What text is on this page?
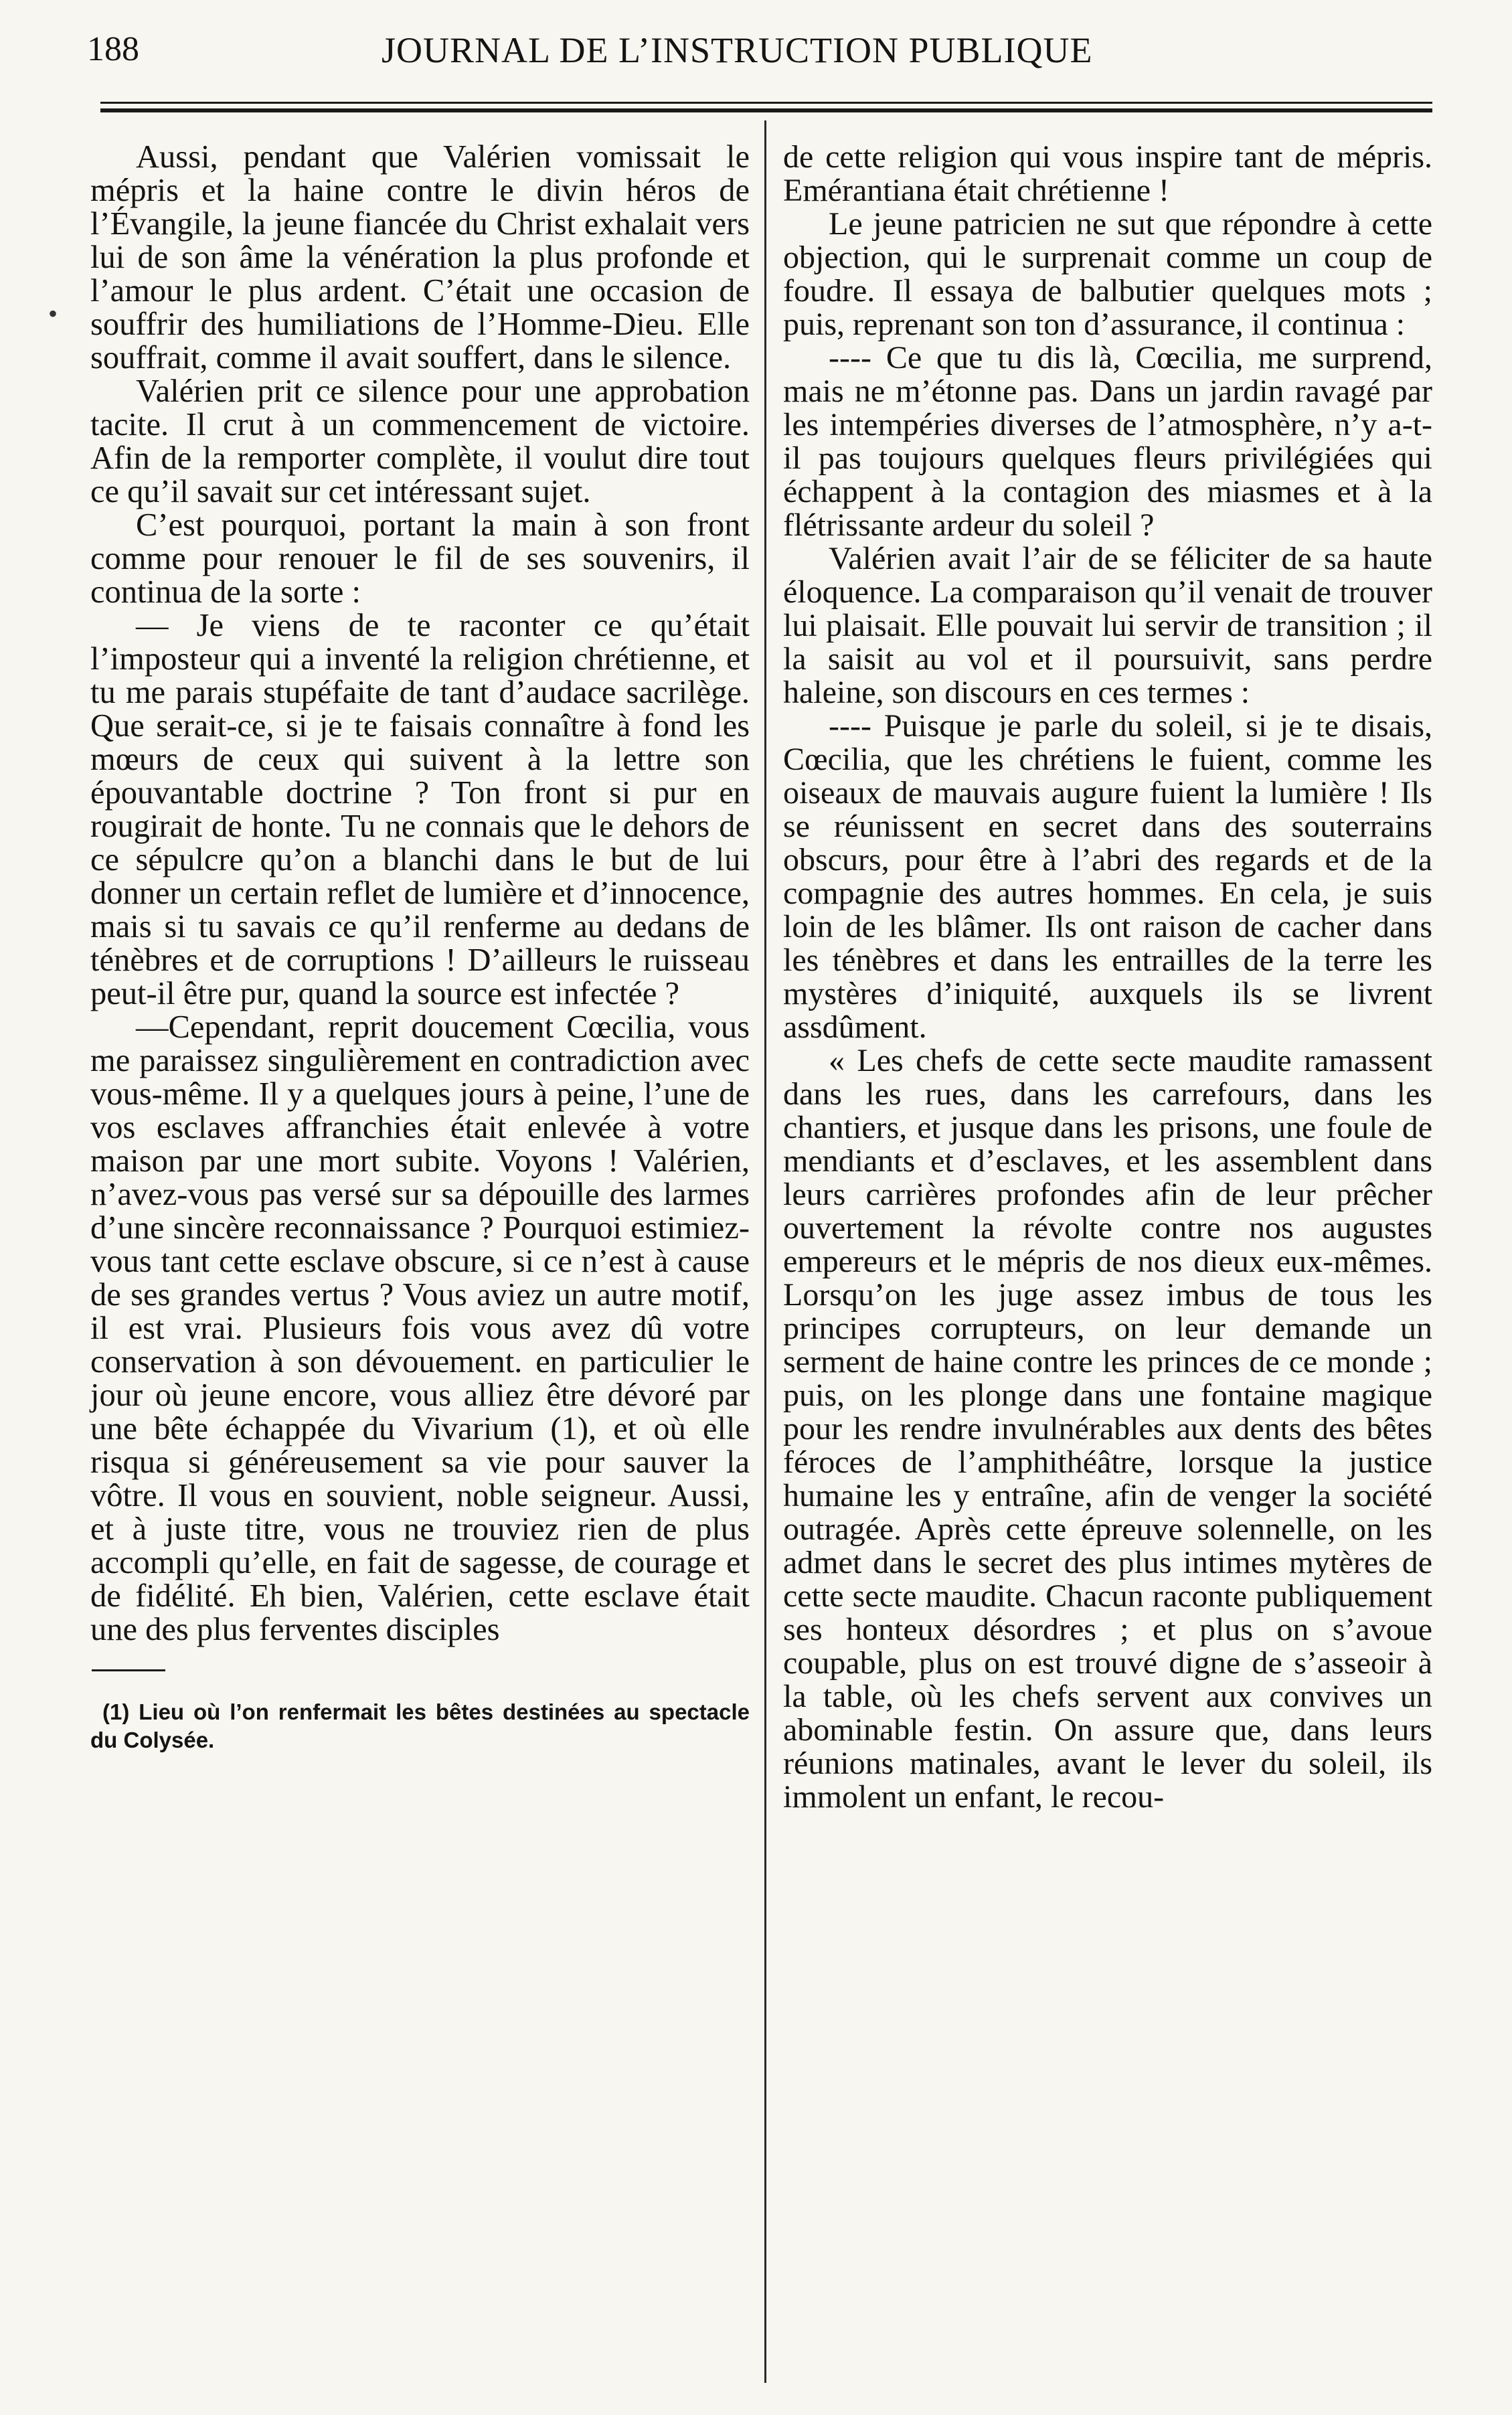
188	JOURNAL DE L’INSTRUCTION PUBLIQUE
•

Aussi, pendant que Valérien vomissait le mépris et la haine contre le divin héros de l’Évangile, la jeune fiancée du Christ exhalait vers lui de son âme la vénération la plus profonde et l’amour le plus ardent. C’était une occasion de souffrir des humiliations de l’Homme-Dieu. Elle souffrait, comme il avait souffert, dans le silence.

Valérien prit ce silence pour une approbation tacite. Il crut à un commencement de victoire. Afin de la remporter complète, il voulut dire tout ce qu’il savait sur cet intéressant sujet.

C’est pourquoi, portant la main à son front comme pour renouer le fil de ses souvenirs, il continua de la sorte :

— Je viens de te raconter ce qu’était l’imposteur qui a inventé la religion chrétienne, et tu me parais stupéfaite de tant d’audace sacrilège. Que serait-ce, si je te faisais connaître à fond les mœurs de ceux qui suivent à la lettre son épouvantable doctrine ? Ton front si pur en rougirait de honte. Tu ne connais que le dehors de ce sépulcre qu’on a blanchi dans le but de lui donner un certain reflet de lumière et d’innocence, mais si tu savais ce qu’il renferme au dedans de ténèbres et de corruptions ! D’ailleurs le ruisseau peut-il être pur, quand la source est infectée ?

—Cependant, reprit doucement Cœcilia, vous me paraissez singulièrement en contradiction avec vous-même. Il y a quelques jours à peine, l’une de vos esclaves affranchies était enlevée à votre maison par une mort subite. Voyons ! Valérien, n’avez-vous pas versé sur sa dépouille des larmes d’une sincère reconnaissance ? Pourquoi estimiez-vous tant cette esclave obscure, si ce n’est à cause de ses grandes vertus ? Vous aviez un autre motif, il est vrai. Plusieurs fois vous avez dû votre conservation à son dévouement. en particulier le jour où jeune encore, vous alliez être dévoré par une bête échappée du Vivarium (1), et où elle risqua si généreusement sa vie pour sauver la vôtre. Il vous en souvient, noble seigneur. Aussi, et à juste titre, vous ne trouviez rien de plus accompli qu’elle, en fait de sagesse, de courage et de fidélité. Eh bien, Valérien, cette esclave était une des plus ferventes disciples

(1) Lieu où l’on renfermait les bêtes destinées au spectacle du Colysée.

de cette religion qui vous inspire tant de mépris. Emérantiana était chrétienne !

Le jeune patricien ne sut que répondre à cette objection, qui le surprenait comme un coup de foudre. Il essaya de balbutier quelques mots ; puis, reprenant son ton d’assurance, il continua :

---- Ce que tu dis là, Cœcilia, me surprend, mais ne m’étonne pas. Dans un jardin ravagé par les intempéries diverses de l’atmosphère, n’y a-t-il pas toujours quelques fleurs privilégiées qui échappent à la contagion des miasmes et à la flétrissante ardeur du soleil ?

Valérien avait l’air de se féliciter de sa haute éloquence. La comparaison qu’il venait de trouver lui plaisait. Elle pouvait lui servir de transition ; il la saisit au vol et il poursuivit, sans perdre haleine, son discours en ces termes :

---- Puisque je parle du soleil, si je te disais, Cœcilia, que les chrétiens le fuient, comme les oiseaux de mauvais augure fuient la lumière ! Ils se réunissent en secret dans des souterrains obscurs, pour être à l’abri des regards et de la compagnie des autres hommes. En cela, je suis loin de les blâmer. Ils ont raison de cacher dans les ténèbres et dans les entrailles de la terre les mystères d’iniquité, auxquels ils se livrent assdûment.

« Les chefs de cette secte maudite ramassent dans les rues, dans les carrefours, dans les chantiers, et jusque dans les prisons, une foule de mendiants et d’esclaves, et les assemblent dans leurs carrières profondes afin de leur prêcher ouvertement la révolte contre nos augustes empereurs et le mépris de nos dieux eux-mêmes. Lorsqu’on les juge assez imbus de tous les principes corrupteurs, on leur demande un serment de haine contre les princes de ce monde ; puis, on les plonge dans une fontaine magique pour les rendre invulnérables aux dents des bêtes féroces de l’amphithéâtre, lorsque la justice humaine les y entraîne, afin de venger la société outragée. Après cette épreuve solennelle, on les admet dans le secret des plus intimes mytères de cette secte maudite. Chacun raconte publiquement ses honteux désordres ; et plus on s’avoue coupable, plus on est trouvé digne de s’asseoir à la table, où les chefs servent aux convives un abominable festin. On assure que, dans leurs réunions matinales, avant le lever du soleil, ils immolent un enfant, le recou-
